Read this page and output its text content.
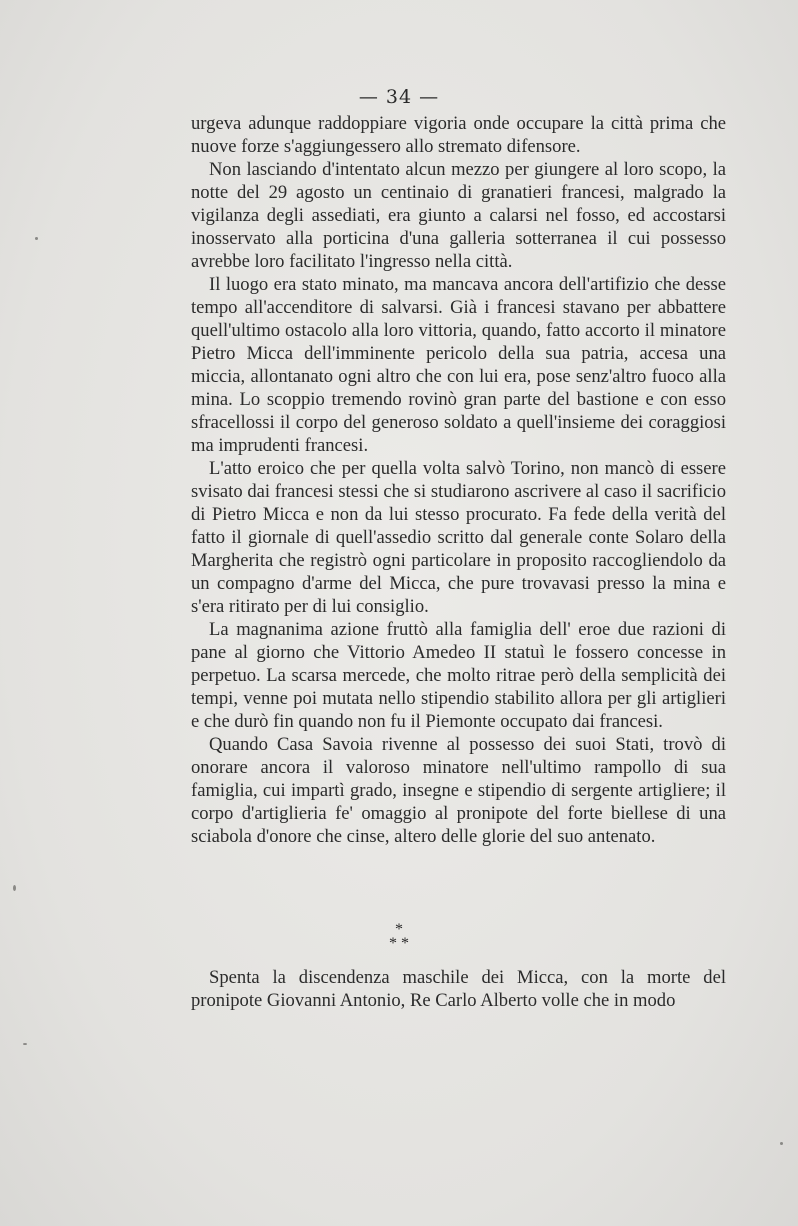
— 34 —

urgeva adunque raddoppiare vigoria onde occupare la città prima che nuove forze s'aggiungessero allo stremato difensore.

Non lasciando d'intentato alcun mezzo per giungere al loro scopo, la notte del 29 agosto un centinaio di granatieri francesi, malgrado la vigilanza degli assediati, era giunto a calarsi nel fosso, ed accostarsi inosservato alla porticina d'una galleria sotterranea il cui possesso avrebbe loro facilitato l'ingresso nella città.

Il luogo era stato minato, ma mancava ancora dell'artifizio che desse tempo all'accenditore di salvarsi. Già i francesi stavano per abbattere quell'ultimo ostacolo alla loro vittoria, quando, fatto accorto il minatore Pietro Micca dell'imminente pericolo della sua patria, accesa una miccia, allontanato ogni altro che con lui era, pose senz'altro fuoco alla mina. Lo scoppio tremendo rovinò gran parte del bastione e con esso sfracellossi il corpo del generoso soldato a quell'insieme dei coraggiosi ma imprudenti francesi.

L'atto eroico che per quella volta salvò Torino, non mancò di essere svisato dai francesi stessi che si studiarono ascrivere al caso il sacrificio di Pietro Micca e non da lui stesso procurato. Fa fede della verità del fatto il giornale di quell'assedio scritto dal generale conte Solaro della Margherita che registrò ogni particolare in proposito raccogliendolo da un compagno d'arme del Micca, che pure trovavasi presso la mina e s'era ritirato per di lui consiglio.

La magnanima azione fruttò alla famiglia dell' eroe due razioni di pane al giorno che Vittorio Amedeo II statuì le fossero concesse in perpetuo. La scarsa mercede, che molto ritrae però della semplicità dei tempi, venne poi mutata nello stipendio stabilito allora per gli artiglieri e che durò fin quando non fu il Piemonte occupato dai francesi.

Quando Casa Savoia rivenne al possesso dei suoi Stati, trovò di onorare ancora il valoroso minatore nell'ultimo rampollo di sua famiglia, cui impartì grado, insegne e stipendio di sergente artigliere; il corpo d'artiglieria fe' omaggio al pronipote del forte biellese di una sciabola d'onore che cinse, altero delle glorie del suo antenato.

*
* *

Spenta la discendenza maschile dei Micca, con la morte del pronipote Giovanni Antonio, Re Carlo Alberto volle che in modo
